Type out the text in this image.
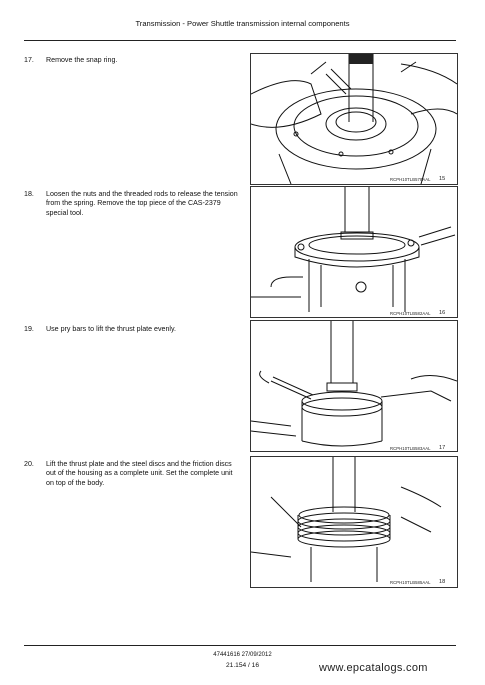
Transmission - Power Shuttle transmission internal components
17. Remove the snap ring.
RCPH10TLB578AAL 15
18. Loosen the nuts and the threaded rods to release the tension from the spring. Remove the top piece of the CAS-2379 special tool.
RCPH10TLB582AAL 16
19. Use pry bars to lift the thrust plate evenly.
RCPH10TLB583AAL 17
20. Lift the thrust plate and the steel discs and the friction discs out of the housing as a complete unit. Set the complete unit on top of the body.
RCPH10TLB585AAL 18
47441616 27/09/2012
21.154 / 16	www.epcatalogs.com
